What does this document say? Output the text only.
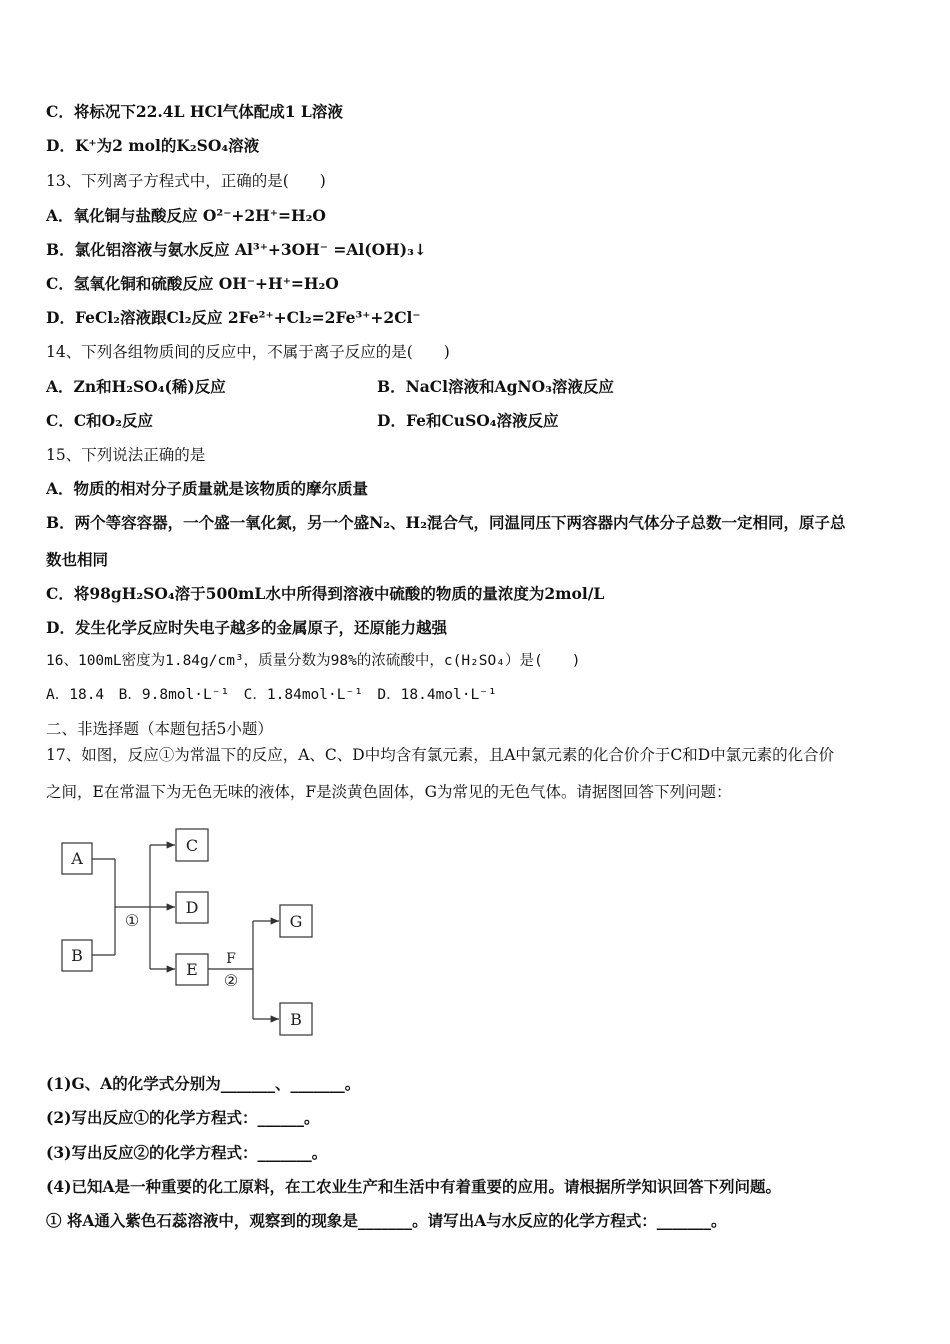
C．将标况下22.4L HCl气体配成1 L溶液
D．K⁺为2 mol的K₂SO₄溶液
13、下列离子方程式中，正确的是(　　)
A．氧化铜与盐酸反应 O²⁻+2H⁺=H₂O
B．氯化铝溶液与氨水反应 Al³⁺+3OH⁻ =Al(OH)₃↓
C．氢氧化铜和硫酸反应 OH⁻+H⁺=H₂O
D．FeCl₂溶液跟Cl₂反应 2Fe²⁺+Cl₂=2Fe³⁺+2Cl⁻
14、下列各组物质间的反应中，不属于离子反应的是(　　)
A．Zn和H₂SO₄(稀)反应	B．NaCl溶液和AgNO₃溶液反应
C．C和O₂反应	D．Fe和CuSO₄溶液反应
15、下列说法正确的是
A．物质的相对分子质量就是该物质的摩尔质量
B．两个等容容器，一个盛一氧化氮，另一个盛N₂、H₂混合气，同温同压下两容器内气体分子总数一定相同，原子总
数也相同
C．将98gH₂SO₄溶于500mL水中所得到溶液中硫酸的物质的量浓度为2mol/L
D．发生化学反应时失电子越多的金属原子，还原能力越强
16、100mL密度为1.84g/cm³，质量分数为98%的浓硫酸中，c(H₂SO₄）是(　　)
A．18.4　B．9.8mol·L⁻¹　C．1.84mol·L⁻¹　D．18.4mol·L⁻¹
二、非选择题（本题包括5小题）
17、如图，反应①为常温下的反应，A、C、D中均含有氯元素，且A中氯元素的化合价介于C和D中氯元素的化合价
之间，E在常温下为无色无味的液体，F是淡黄色固体，G为常见的无色气体。请据图回答下列问题：
A
B
C
D
E
G
B
①
F
②
(1)G、A的化学式分别为_______、_______。
(2)写出反应①的化学方程式：______。
(3)写出反应②的化学方程式：_______。
(4)已知A是一种重要的化工原料，在工农业生产和生活中有着重要的应用。请根据所学知识回答下列问题。
① 将A通入紫色石蕊溶液中，观察到的现象是_______。请写出A与水反应的化学方程式：_______。
